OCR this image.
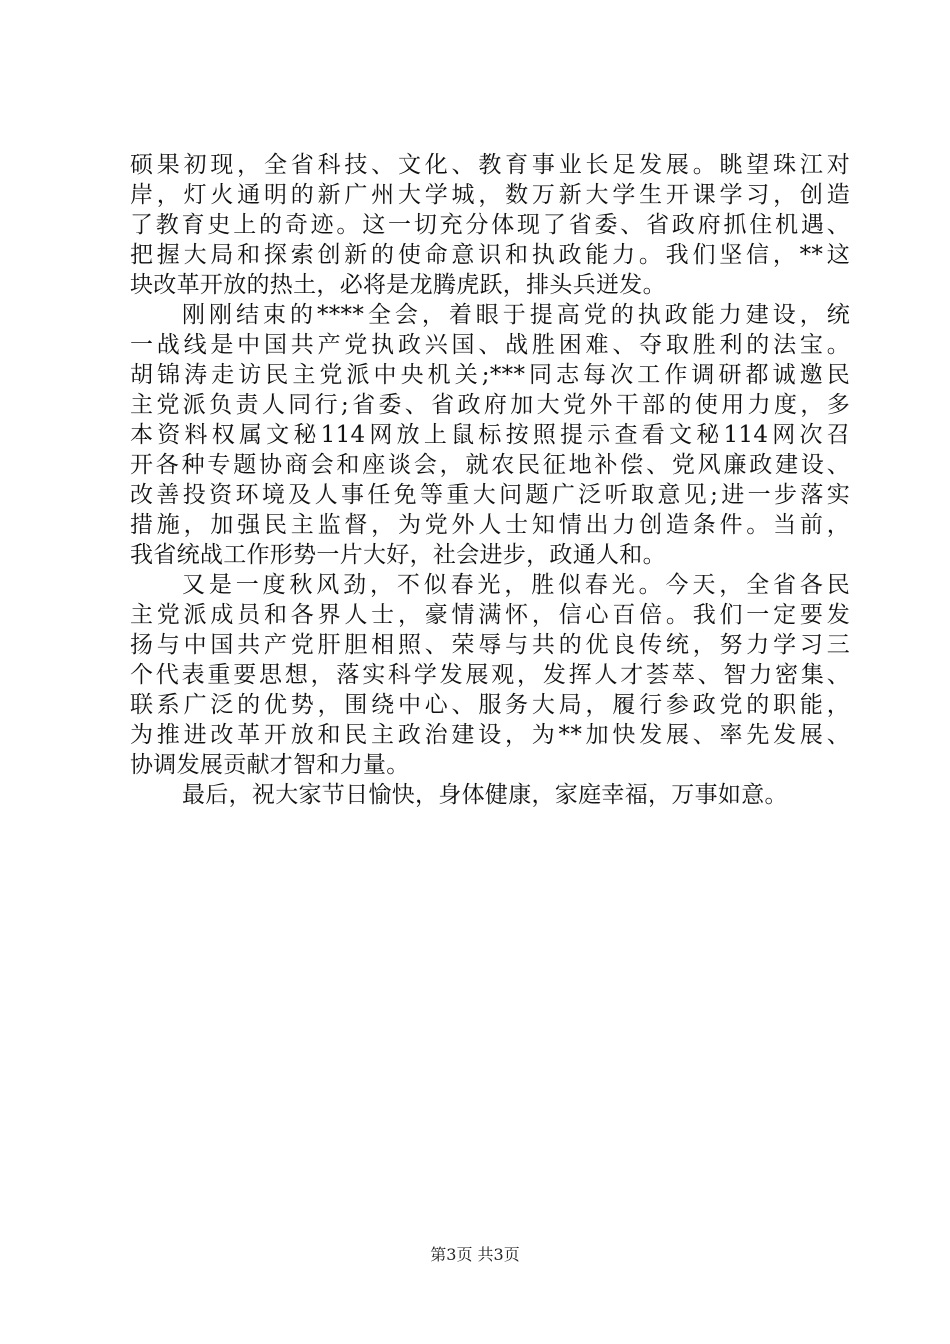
硕果初现，全省科技、文化、教育事业长足发展。眺望珠江对
岸，灯火通明的新广州大学城，数万新大学生开课学习，创造
了教育史上的奇迹。这一切充分体现了省委、省政府抓住机遇、
把握大局和探索创新的使命意识和执政能力。我们坚信，**这
块改革开放的热土，必将是龙腾虎跃，排头兵迸发。
刚刚结束的****全会，着眼于提高党的执政能力建设，统
一战线是中国共产党执政兴国、战胜困难、夺取胜利的法宝。
胡锦涛走访民主党派中央机关;***同志每次工作调研都诚邀民
主党派负责人同行;省委、省政府加大党外干部的使用力度，多
本资料权属文秘114网放上鼠标按照提示查看文秘114网次召
开各种专题协商会和座谈会，就农民征地补偿、党风廉政建设、
改善投资环境及人事任免等重大问题广泛听取意见;进一步落实
措施，加强民主监督，为党外人士知情出力创造条件。当前，
我省统战工作形势一片大好，社会进步，政通人和。
又是一度秋风劲，不似春光，胜似春光。今天，全省各民
主党派成员和各界人士，豪情满怀，信心百倍。我们一定要发
扬与中国共产党肝胆相照、荣辱与共的优良传统，努力学习三
个代表重要思想，落实科学发展观，发挥人才荟萃、智力密集、
联系广泛的优势，围绕中心、服务大局，履行参政党的职能，
为推进改革开放和民主政治建设，为**加快发展、率先发展、
协调发展贡献才智和力量。
最后，祝大家节日愉快，身体健康，家庭幸福，万事如意。
第3页 共3页
